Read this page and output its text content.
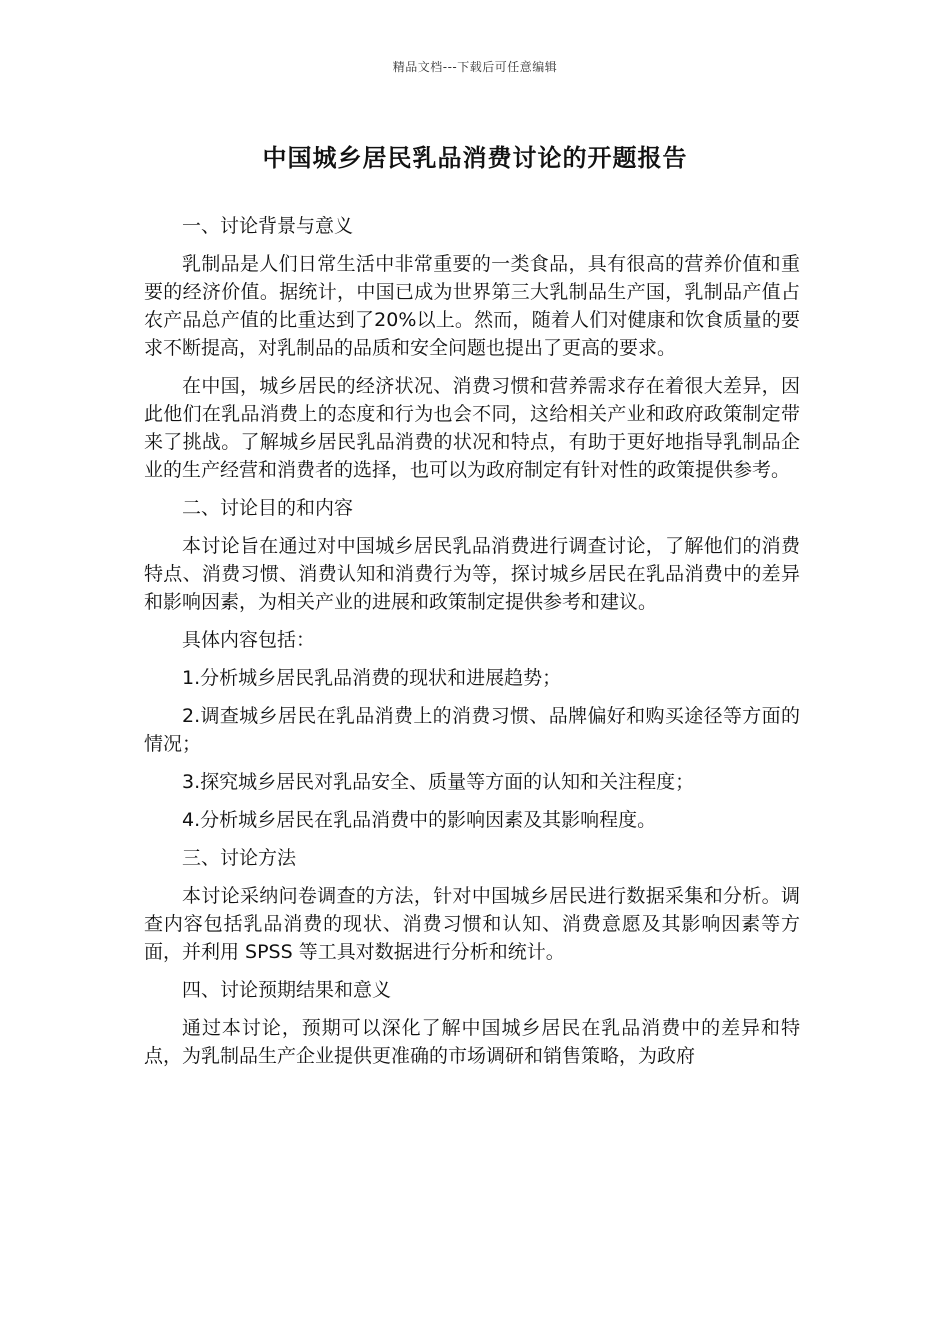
精品文档---下载后可任意编辑
中国城乡居民乳品消费讨论的开题报告

一、讨论背景与意义

乳制品是人们日常生活中非常重要的一类食品，具有很高的营养价值和重要的经济价值。据统计，中国已成为世界第三大乳制品生产国，乳制品产值占农产品总产值的比重达到了20%以上。然而，随着人们对健康和饮食质量的要求不断提高，对乳制品的品质和安全问题也提出了更高的要求。

在中国，城乡居民的经济状况、消费习惯和营养需求存在着很大差异，因此他们在乳品消费上的态度和行为也会不同，这给相关产业和政府政策制定带来了挑战。了解城乡居民乳品消费的状况和特点，有助于更好地指导乳制品企业的生产经营和消费者的选择，也可以为政府制定有针对性的政策提供参考。

二、讨论目的和内容

本讨论旨在通过对中国城乡居民乳品消费进行调查讨论，了解他们的消费特点、消费习惯、消费认知和消费行为等，探讨城乡居民在乳品消费中的差异和影响因素，为相关产业的进展和政策制定提供参考和建议。

具体内容包括：

1.分析城乡居民乳品消费的现状和进展趋势；

2.调查城乡居民在乳品消费上的消费习惯、品牌偏好和购买途径等方面的情况；

3.探究城乡居民对乳品安全、质量等方面的认知和关注程度；

4.分析城乡居民在乳品消费中的影响因素及其影响程度。

三、讨论方法

本讨论采纳问卷调查的方法，针对中国城乡居民进行数据采集和分析。调查内容包括乳品消费的现状、消费习惯和认知、消费意愿及其影响因素等方面，并利用 SPSS 等工具对数据进行分析和统计。

四、讨论预期结果和意义

通过本讨论，预期可以深化了解中国城乡居民在乳品消费中的差异和特点，为乳制品生产企业提供更准确的市场调研和销售策略，为政府
